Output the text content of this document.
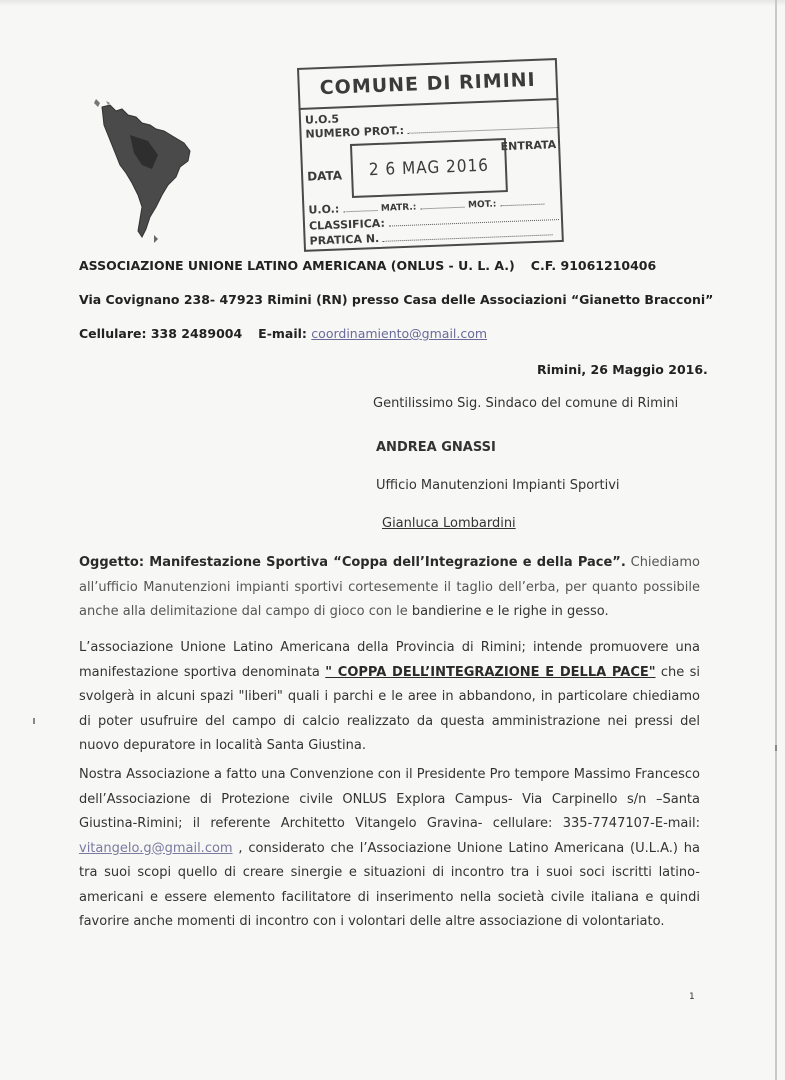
COMUNE DI RIMINI
U.O.5
NUMERO PROT.:
DATA	2 6 MAG 2016
ENTRATA
U.O.:	MATR.:	MOT.:
CLASSIFICA:
PRATICA N.
ASSOCIAZIONE UNIONE LATINO AMERICANA (ONLUS - U. L. A.) C.F. 91061210406
Via Covignano 238- 47923 Rimini (RN) presso Casa delle Associazioni “Gianetto Bracconi”
Cellulare: 338 2489004 E-mail: coordinamiento@gmail.com
Rimini, 26 Maggio 2016.
Gentilissimo Sig. Sindaco del comune di Rimini
ANDREA GNASSI
Ufficio Manutenzioni Impianti Sportivi
Gianluca Lombardini
Oggetto: Manifestazione Sportiva “Coppa dell’Integrazione e della Pace”. Chiediamo all’ufficio Manutenzioni impianti sportivi cortesemente il taglio dell’erba, per quanto possibile anche alla delimitazione dal campo di gioco con le bandierine e le righe in gesso.
L’associazione Unione Latino Americana della Provincia di Rimini; intende promuovere una manifestazione sportiva denominata " COPPA DELL’INTEGRAZIONE E DELLA PACE" che si svolgerà in alcuni spazi "liberi" quali i parchi e le aree in abbandono, in particolare chiediamo di poter usufruire del campo di calcio realizzato da questa amministrazione nei pressi del nuovo depuratore in località Santa Giustina.
Nostra Associazione a fatto una Convenzione con il Presidente Pro tempore Massimo Francesco dell’Associazione di Protezione civile ONLUS Explora Campus- Via Carpinello s/n –Santa Giustina-Rimini; il referente Architetto Vitangelo Gravina- cellulare: 335-7747107-E-mail: vitangelo.g@gmail.com , considerato che l’Associazione Unione Latino Americana (U.L.A.) ha tra suoi scopi quello di creare sinergie e situazioni di incontro tra i suoi soci iscritti latino-americani e essere elemento facilitatore di inserimento nella società civile italiana e quindi favorire anche momenti di incontro con i volontari delle altre associazione di volontariato.
1
